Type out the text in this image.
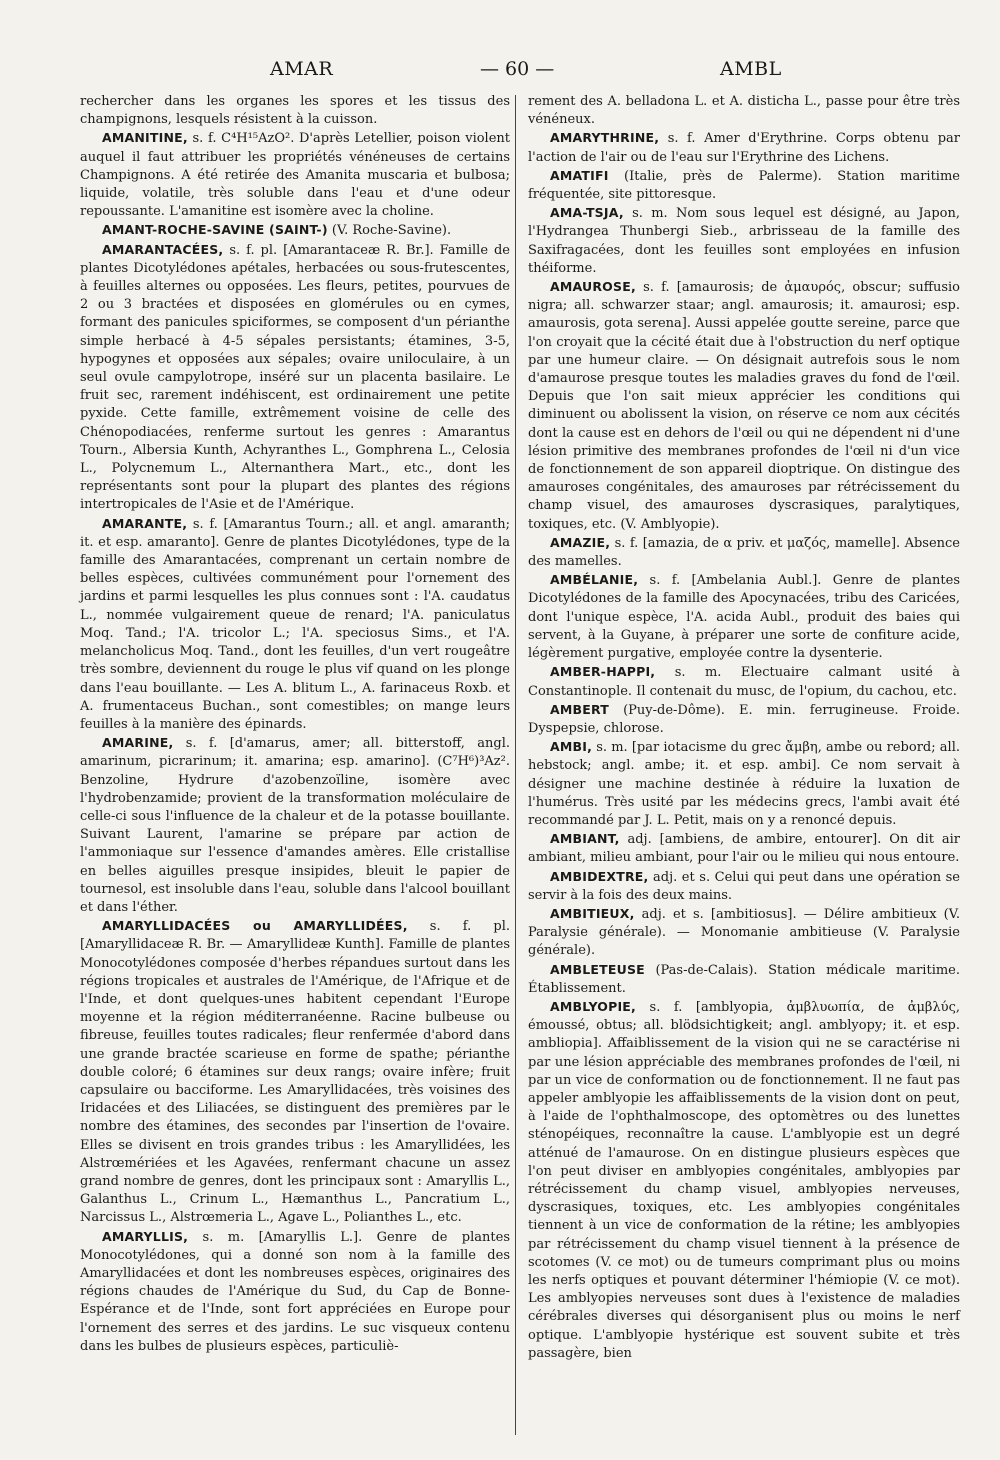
AMAR	— 60 —	AMBL

rechercher dans les organes les spores et les tissus des champignons, lesquels résistent à la cuisson.

AMANITINE, s. f. C⁴H¹⁵AzO². D'après Letellier, poison violent auquel il faut attribuer les propriétés vénéneuses de certains Champignons. A été retirée des Amanita muscaria et bulbosa; liquide, volatile, très soluble dans l'eau et d'une odeur repoussante. L'amanitine est isomère avec la choline.

AMANT-ROCHE-SAVINE (SAINT-) (V. Roche-Savine).

AMARANTACÉES, s. f. pl. [Amarantaceæ R. Br.]. Famille de plantes Dicotylédones apétales, herbacées ou sous-frutescentes, à feuilles alternes ou opposées. Les fleurs, petites, pourvues de 2 ou 3 bractées et disposées en glomérules ou en cymes, formant des panicules spiciformes, se composent d'un périanthe simple herbacé à 4-5 sépales persistants; étamines, 3-5, hypogynes et opposées aux sépales; ovaire uniloculaire, à un seul ovule campylotrope, inséré sur un placenta basilaire. Le fruit sec, rarement indéhiscent, est ordinairement une petite pyxide. Cette famille, extrêmement voisine de celle des Chénopodiacées, renferme surtout les genres : Amarantus Tourn., Albersia Kunth, Achyranthes L., Gomphrena L., Celosia L., Polycnemum L., Alternanthera Mart., etc., dont les représentants sont pour la plupart des plantes des régions intertropicales de l'Asie et de l'Amérique.

AMARANTE, s. f. [Amarantus Tourn.; all. et angl. amaranth; it. et esp. amaranto]. Genre de plantes Dicotylédones, type de la famille des Amarantacées, comprenant un certain nombre de belles espèces, cultivées communément pour l'ornement des jardins et parmi lesquelles les plus connues sont : l'A. caudatus L., nommée vulgairement queue de renard; l'A. paniculatus Moq. Tand.; l'A. tricolor L.; l'A. speciosus Sims., et l'A. melancholicus Moq. Tand., dont les feuilles, d'un vert rougeâtre très sombre, deviennent du rouge le plus vif quand on les plonge dans l'eau bouillante. — Les A. blitum L., A. farinaceus Roxb. et A. frumentaceus Buchan., sont comestibles; on mange leurs feuilles à la manière des épinards.

AMARINE, s. f. [d'amarus, amer; all. bitterstoff, angl. amarinum, picrarinum; it. amarina; esp. amarino]. (C⁷H⁶)³Az². Benzoline, Hydrure d'azobenzoïline, isomère avec l'hydrobenzamide; provient de la transformation moléculaire de celle-ci sous l'influence de la chaleur et de la potasse bouillante. Suivant Laurent, l'amarine se prépare par action de l'ammoniaque sur l'essence d'amandes amères. Elle cristallise en belles aiguilles presque insipides, bleuit le papier de tournesol, est insoluble dans l'eau, soluble dans l'alcool bouillant et dans l'éther.

AMARYLLIDACÉES ou AMARYLLIDÉES, s. f. pl. [Amaryllidaceæ R. Br. — Amaryllideæ Kunth]. Famille de plantes Monocotylédones composée d'herbes répandues surtout dans les régions tropicales et australes de l'Amérique, de l'Afrique et de l'Inde, et dont quelques-unes habitent cependant l'Europe moyenne et la région méditerranéenne. Racine bulbeuse ou fibreuse, feuilles toutes radicales; fleur renfermée d'abord dans une grande bractée scarieuse en forme de spathe; périanthe double coloré; 6 étamines sur deux rangs; ovaire infère; fruit capsulaire ou bacciforme. Les Amaryllidacées, très voisines des Iridacées et des Liliacées, se distinguent des premières par le nombre des étamines, des secondes par l'insertion de l'ovaire. Elles se divisent en trois grandes tribus : les Amaryllidées, les Alstrœmériées et les Agavées, renfermant chacune un assez grand nombre de genres, dont les principaux sont : Amaryllis L., Galanthus L., Crinum L., Hæmanthus L., Pancratium L., Narcissus L., Alstrœmeria L., Agave L., Polianthes L., etc.

AMARYLLIS, s. m. [Amaryllis L.]. Genre de plantes Monocotylédones, qui a donné son nom à la famille des Amaryllidacées et dont les nombreuses espèces, originaires des régions chaudes de l'Amérique du Sud, du Cap de Bonne-Espérance et de l'Inde, sont fort appréciées en Europe pour l'ornement des serres et des jardins. Le suc visqueux contenu dans les bulbes de plusieurs espèces, particuliè-

rement des A. belladona L. et A. disticha L., passe pour être très vénéneux.

AMARYTHRINE, s. f. Amer d'Erythrine. Corps obtenu par l'action de l'air ou de l'eau sur l'Erythrine des Lichens.

AMATIFI (Italie, près de Palerme). Station maritime fréquentée, site pittoresque.

AMA-TSJA, s. m. Nom sous lequel est désigné, au Japon, l'Hydrangea Thunbergi Sieb., arbrisseau de la famille des Saxifragacées, dont les feuilles sont employées en infusion théiforme.

AMAUROSE, s. f. [amaurosis; de ἀμαυρός, obscur; suffusio nigra; all. schwarzer staar; angl. amaurosis; it. amaurosi; esp. amaurosis, gota serena]. Aussi appelée goutte sereine, parce que l'on croyait que la cécité était due à l'obstruction du nerf optique par une humeur claire. — On désignait autrefois sous le nom d'amaurose presque toutes les maladies graves du fond de l'œil. Depuis que l'on sait mieux apprécier les conditions qui diminuent ou abolissent la vision, on réserve ce nom aux cécités dont la cause est en dehors de l'œil ou qui ne dépendent ni d'une lésion primitive des membranes profondes de l'œil ni d'un vice de fonctionnement de son appareil dioptrique. On distingue des amauroses congénitales, des amauroses par rétrécissement du champ visuel, des amauroses dyscrasiques, paralytiques, toxiques, etc. (V. Amblyopie).

AMAZIE, s. f. [amazia, de α priv. et μαζός, mamelle]. Absence des mamelles.

AMBÉLANIE, s. f. [Ambelania Aubl.]. Genre de plantes Dicotylédones de la famille des Apocynacées, tribu des Caricées, dont l'unique espèce, l'A. acida Aubl., produit des baies qui servent, à la Guyane, à préparer une sorte de confiture acide, légèrement purgative, employée contre la dysenterie.

AMBER-HAPPI, s. m. Electuaire calmant usité à Constantinople. Il contenait du musc, de l'opium, du cachou, etc.

AMBERT (Puy-de-Dôme). E. min. ferrugineuse. Froide. Dyspepsie, chlorose.

AMBI, s. m. [par iotacisme du grec ἄμβη, ambe ou rebord; all. hebstock; angl. ambe; it. et esp. ambi]. Ce nom servait à désigner une machine destinée à réduire la luxation de l'humérus. Très usité par les médecins grecs, l'ambi avait été recommandé par J. L. Petit, mais on y a renoncé depuis.

AMBIANT, adj. [ambiens, de ambire, entourer]. On dit air ambiant, milieu ambiant, pour l'air ou le milieu qui nous entoure.

AMBIDEXTRE, adj. et s. Celui qui peut dans une opération se servir à la fois des deux mains.

AMBITIEUX, adj. et s. [ambitiosus]. — Délire ambitieux (V. Paralysie générale). — Monomanie ambitieuse (V. Paralysie générale).

AMBLETEUSE (Pas-de-Calais). Station médicale maritime. Établissement.

AMBLYOPIE, s. f. [amblyopia, ἀμβλυωπία, de ἀμβλύς, émoussé, obtus; all. blödsichtigkeit; angl. amblyopy; it. et esp. ambliopia]. Affaiblissement de la vision qui ne se caractérise ni par une lésion appréciable des membranes profondes de l'œil, ni par un vice de conformation ou de fonctionnement. Il ne faut pas appeler amblyopie les affaiblissements de la vision dont on peut, à l'aide de l'ophthalmoscope, des optomètres ou des lunettes sténopéiques, reconnaître la cause. L'amblyopie est un degré atténué de l'amaurose. On en distingue plusieurs espèces que l'on peut diviser en amblyopies congénitales, amblyopies par rétrécissement du champ visuel, amblyopies nerveuses, dyscrasiques, toxiques, etc. Les amblyopies congénitales tiennent à un vice de conformation de la rétine; les amblyopies par rétrécissement du champ visuel tiennent à la présence de scotomes (V. ce mot) ou de tumeurs comprimant plus ou moins les nerfs optiques et pouvant déterminer l'hémiopie (V. ce mot). Les amblyopies nerveuses sont dues à l'existence de maladies cérébrales diverses qui désorganisent plus ou moins le nerf optique. L'amblyopie hystérique est souvent subite et très passagère, bien
